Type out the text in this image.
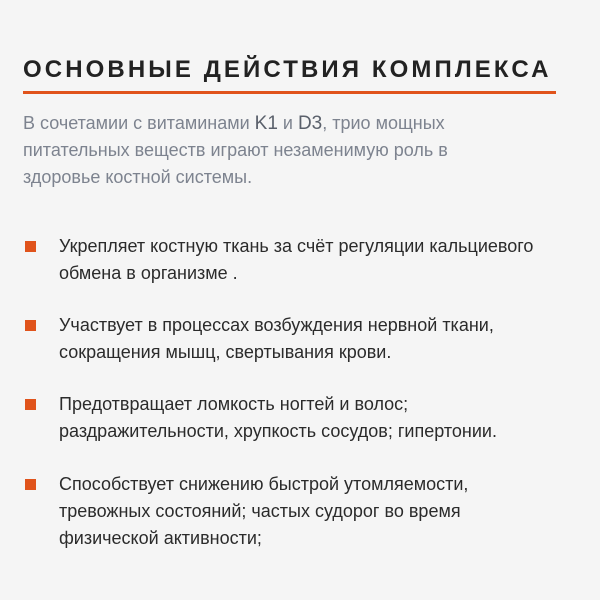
ОСНОВНЫЕ ДЕЙСТВИЯ КОМПЛЕКСА

В сочетамии с витаминами K1 и D3, трио мощных питательных веществ играют незаменимую роль в здоровье костной системы.

Укрепляет костную ткань за счёт регуляции кальциевого обмена в организме .
Участвует в процессах возбуждения нервной ткани, сокращения мышц, свертывания крови.
Предотвращает ломкость ногтей и волос; раздражительности, хрупкость сосудов; гипертонии.
Способствует снижению быстрой утомляемости, тревожных состояний; частых судорог во время физической активности;
